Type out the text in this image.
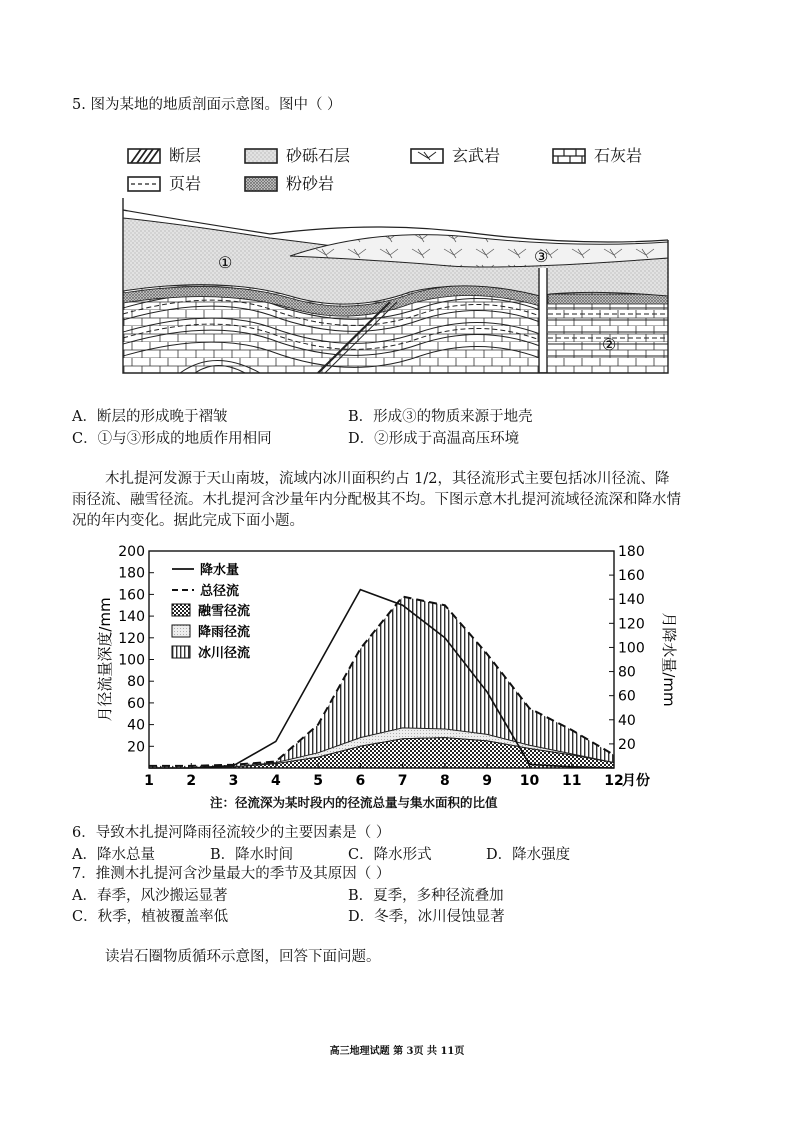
5. 图为某地的地质剖面示意图。图中（ ）
断层	砂砾石层	玄武岩	石灰岩
页岩	粉砂岩
①	③
②
A．断层的形成晚于褶皱	B．形成③的物质来源于地壳
C．①与③形成的地质作用相同	D．②形成于高温高压环境
木扎提河发源于天山南坡，流域内冰川面积约占 1/2，其径流形式主要包括冰川径流、降
雨径流、融雪径流。木扎提河含沙量年内分配极其不均。下图示意木扎提河流域径流深和降水情
况的年内变化。据此完成下面小题。
20
40
60
80
100
120
140
160
180
200
20
40
60
80
100
120
140
160
180
1 2 3 4 5 6 7 8 9 10 11 12
月份
月径流量深度/mm	月降水量/mm
降水量
总径流
融雪径流
降雨径流
冰川径流
注：径流深为某时段内的径流总量与集水面积的比值
6．导致木扎提河降雨径流较少的主要因素是（ ）
A．降水总量	B．降水时间	C．降水形式	D．降水强度
7．推测木扎提河含沙量最大的季节及其原因（ ）
A．春季，风沙搬运显著	B．夏季，多种径流叠加
C．秋季，植被覆盖率低	D．冬季，冰川侵蚀显著
读岩石圈物质循环示意图，回答下面问题。
高三地理试题 第 3页 共 11页
